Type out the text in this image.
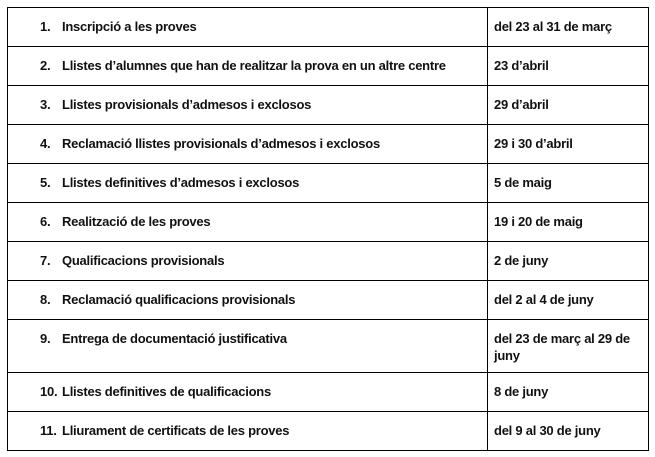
1. Inscripció a les proves	del 23 al 31 de març
2. Llistes d’alumnes que han de realitzar la prova en un altre centre	23 d’abril
3. Llistes provisionals d’admesos i exclosos	29 d’abril
4. Reclamació llistes provisionals d’admesos i exclosos	29 i 30 d’abril
5. Llistes definitives d’admesos i exclosos	5 de maig
6. Realització de les proves	19 i 20 de maig
7. Qualificacions provisionals	2 de juny
8. Reclamació qualificacions provisionals	del 2 al 4 de juny
9. Entrega de documentació justificativa	del 23 de març al 29 de juny
10. Llistes definitives de qualificacions	8 de juny
11. Lliurament de certificats de les proves	del 9 al 30 de juny
